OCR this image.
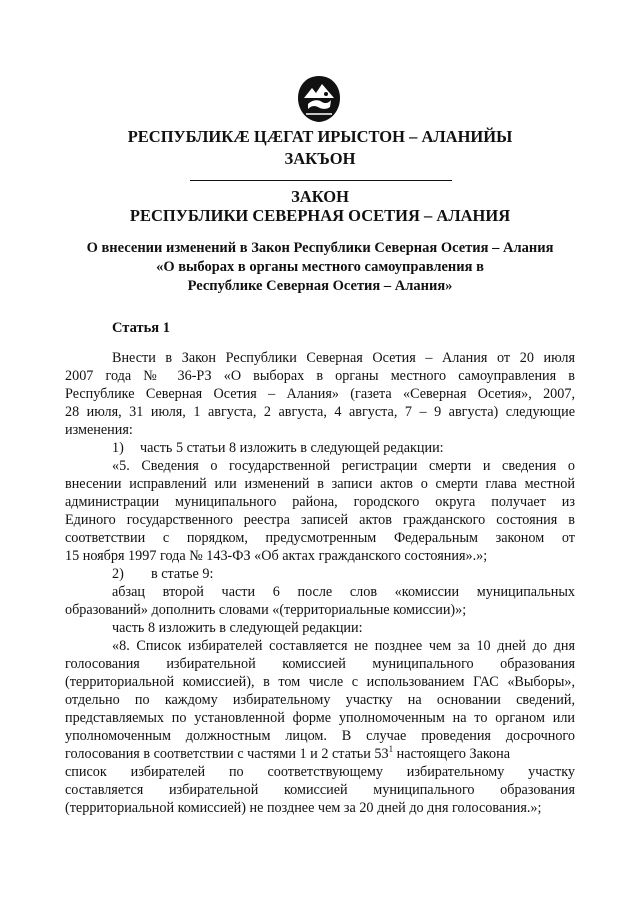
РЕСПУБЛИКӔ ЦӔГАТ ИРЫСТОН – АЛАНИЙЫ
ЗАКЪОН
ЗАКОН
РЕСПУБЛИКИ СЕВЕРНАЯ ОСЕТИЯ – АЛАНИЯ
О внесении изменений в Закон Республики Северная Осетия – Алания
«О выборах в органы местного самоуправления в
Республике Северная Осетия – Алания»
Статья 1
Внести в Закон Республики Северная Осетия – Алания от 20 июля
2007 года № 36-РЗ «О выборах в органы местного самоуправления в
Республике Северная Осетия – Алания» (газета «Северная Осетия», 2007,
28 июля, 31 июля, 1 августа, 2 августа, 4 августа, 7 – 9 августа) следующие
изменения:
1) часть 5 статьи 8 изложить в следующей редакции:
«5. Сведения о государственной регистрации смерти и сведения о
внесении исправлений или изменений в записи актов о смерти глава местной
администрации муниципального района, городского округа получает из
Единого государственного реестра записей актов гражданского состояния в
соответствии с порядком, предусмотренным Федеральным законом от
15 ноября 1997 года № 143-ФЗ «Об актах гражданского состояния».»;
2) в статье 9:
абзац второй части 6 после слов «комиссии муниципальных
образований» дополнить словами «(территориальные комиссии)»;
часть 8 изложить в следующей редакции:
«8. Список избирателей составляется не позднее чем за 10 дней до дня
голосования избирательной комиссией муниципального образования
(территориальной комиссией), в том числе с использованием ГАС «Выборы»,
отдельно по каждому избирательному участку на основании сведений,
представляемых по установленной форме уполномоченным на то органом или
уполномоченным должностным лицом. В случае проведения досрочного
голосования в соответствии с частями 1 и 2 статьи $53^1$ настоящего Закона
список избирателей по соответствующему избирательному участку
составляется избирательной комиссией муниципального образования
(территориальной комиссией) не позднее чем за 20 дней до дня голосования.»;
